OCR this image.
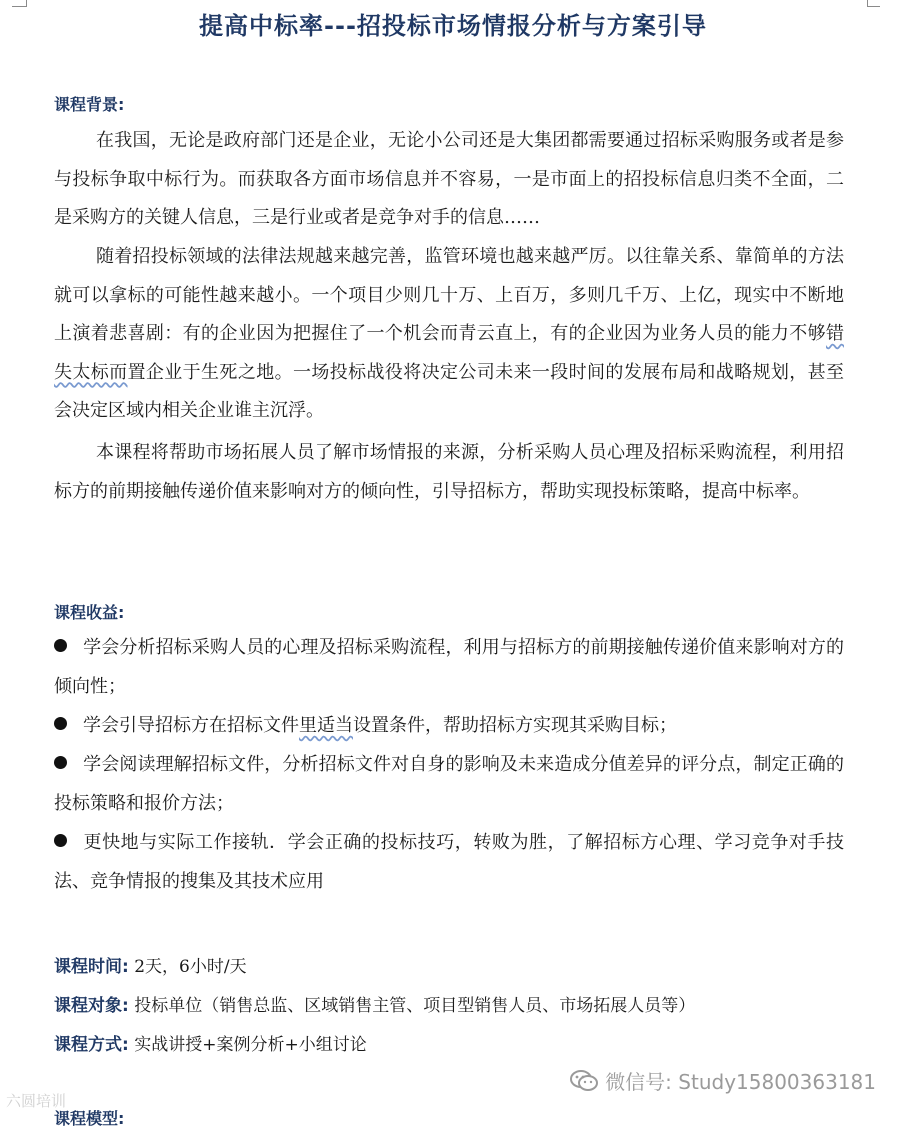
提高中标率---招投标市场情报分析与方案引导
课程背景:
在我国，无论是政府部门还是企业，无论小公司还是大集团都需要通过招标采购服务或者是参与投标争取中标行为。而获取各方面市场信息并不容易，一是市面上的招投标信息归类不全面，二是采购方的关键人信息，三是行业或者是竞争对手的信息……
随着招投标领域的法律法规越来越完善，监管环境也越来越严厉。以往靠关系、靠简单的方法就可以拿标的可能性越来越小。一个项目少则几十万、上百万，多则几千万、上亿，现实中不断地上演着悲喜剧：有的企业因为把握住了一个机会而青云直上，有的企业因为业务人员的能力不够错失太标而置企业于生死之地。一场投标战役将决定公司未来一段时间的发展布局和战略规划，甚至会决定区域内相关企业谁主沉浮。
本课程将帮助市场拓展人员了解市场情报的来源，分析采购人员心理及招标采购流程，利用招标方的前期接触传递价值来影响对方的倾向性，引导招标方，帮助实现投标策略，提高中标率。
课程收益:
学会分析招标采购人员的心理及招标采购流程，利用与招标方的前期接触传递价值来影响对方的倾向性；
学会引导招标方在招标文件里适当设置条件，帮助招标方实现其采购目标；
学会阅读理解招标文件，分析招标文件对自身的影响及未来造成分值差异的评分点，制定正确的投标策略和报价方法；
更快地与实际工作接轨．学会正确的投标技巧，转败为胜，了解招标方心理、学习竞争对手技法、竞争情报的搜集及其技术应用
课程时间: 2天，6小时/天
课程对象: 投标单位（销售总监、区域销售主管、项目型销售人员、市场拓展人员等）
课程方式: 实战讲授+案例分析+小组讨论
微信号: Study15800363181
六圆培训
课程模型:
